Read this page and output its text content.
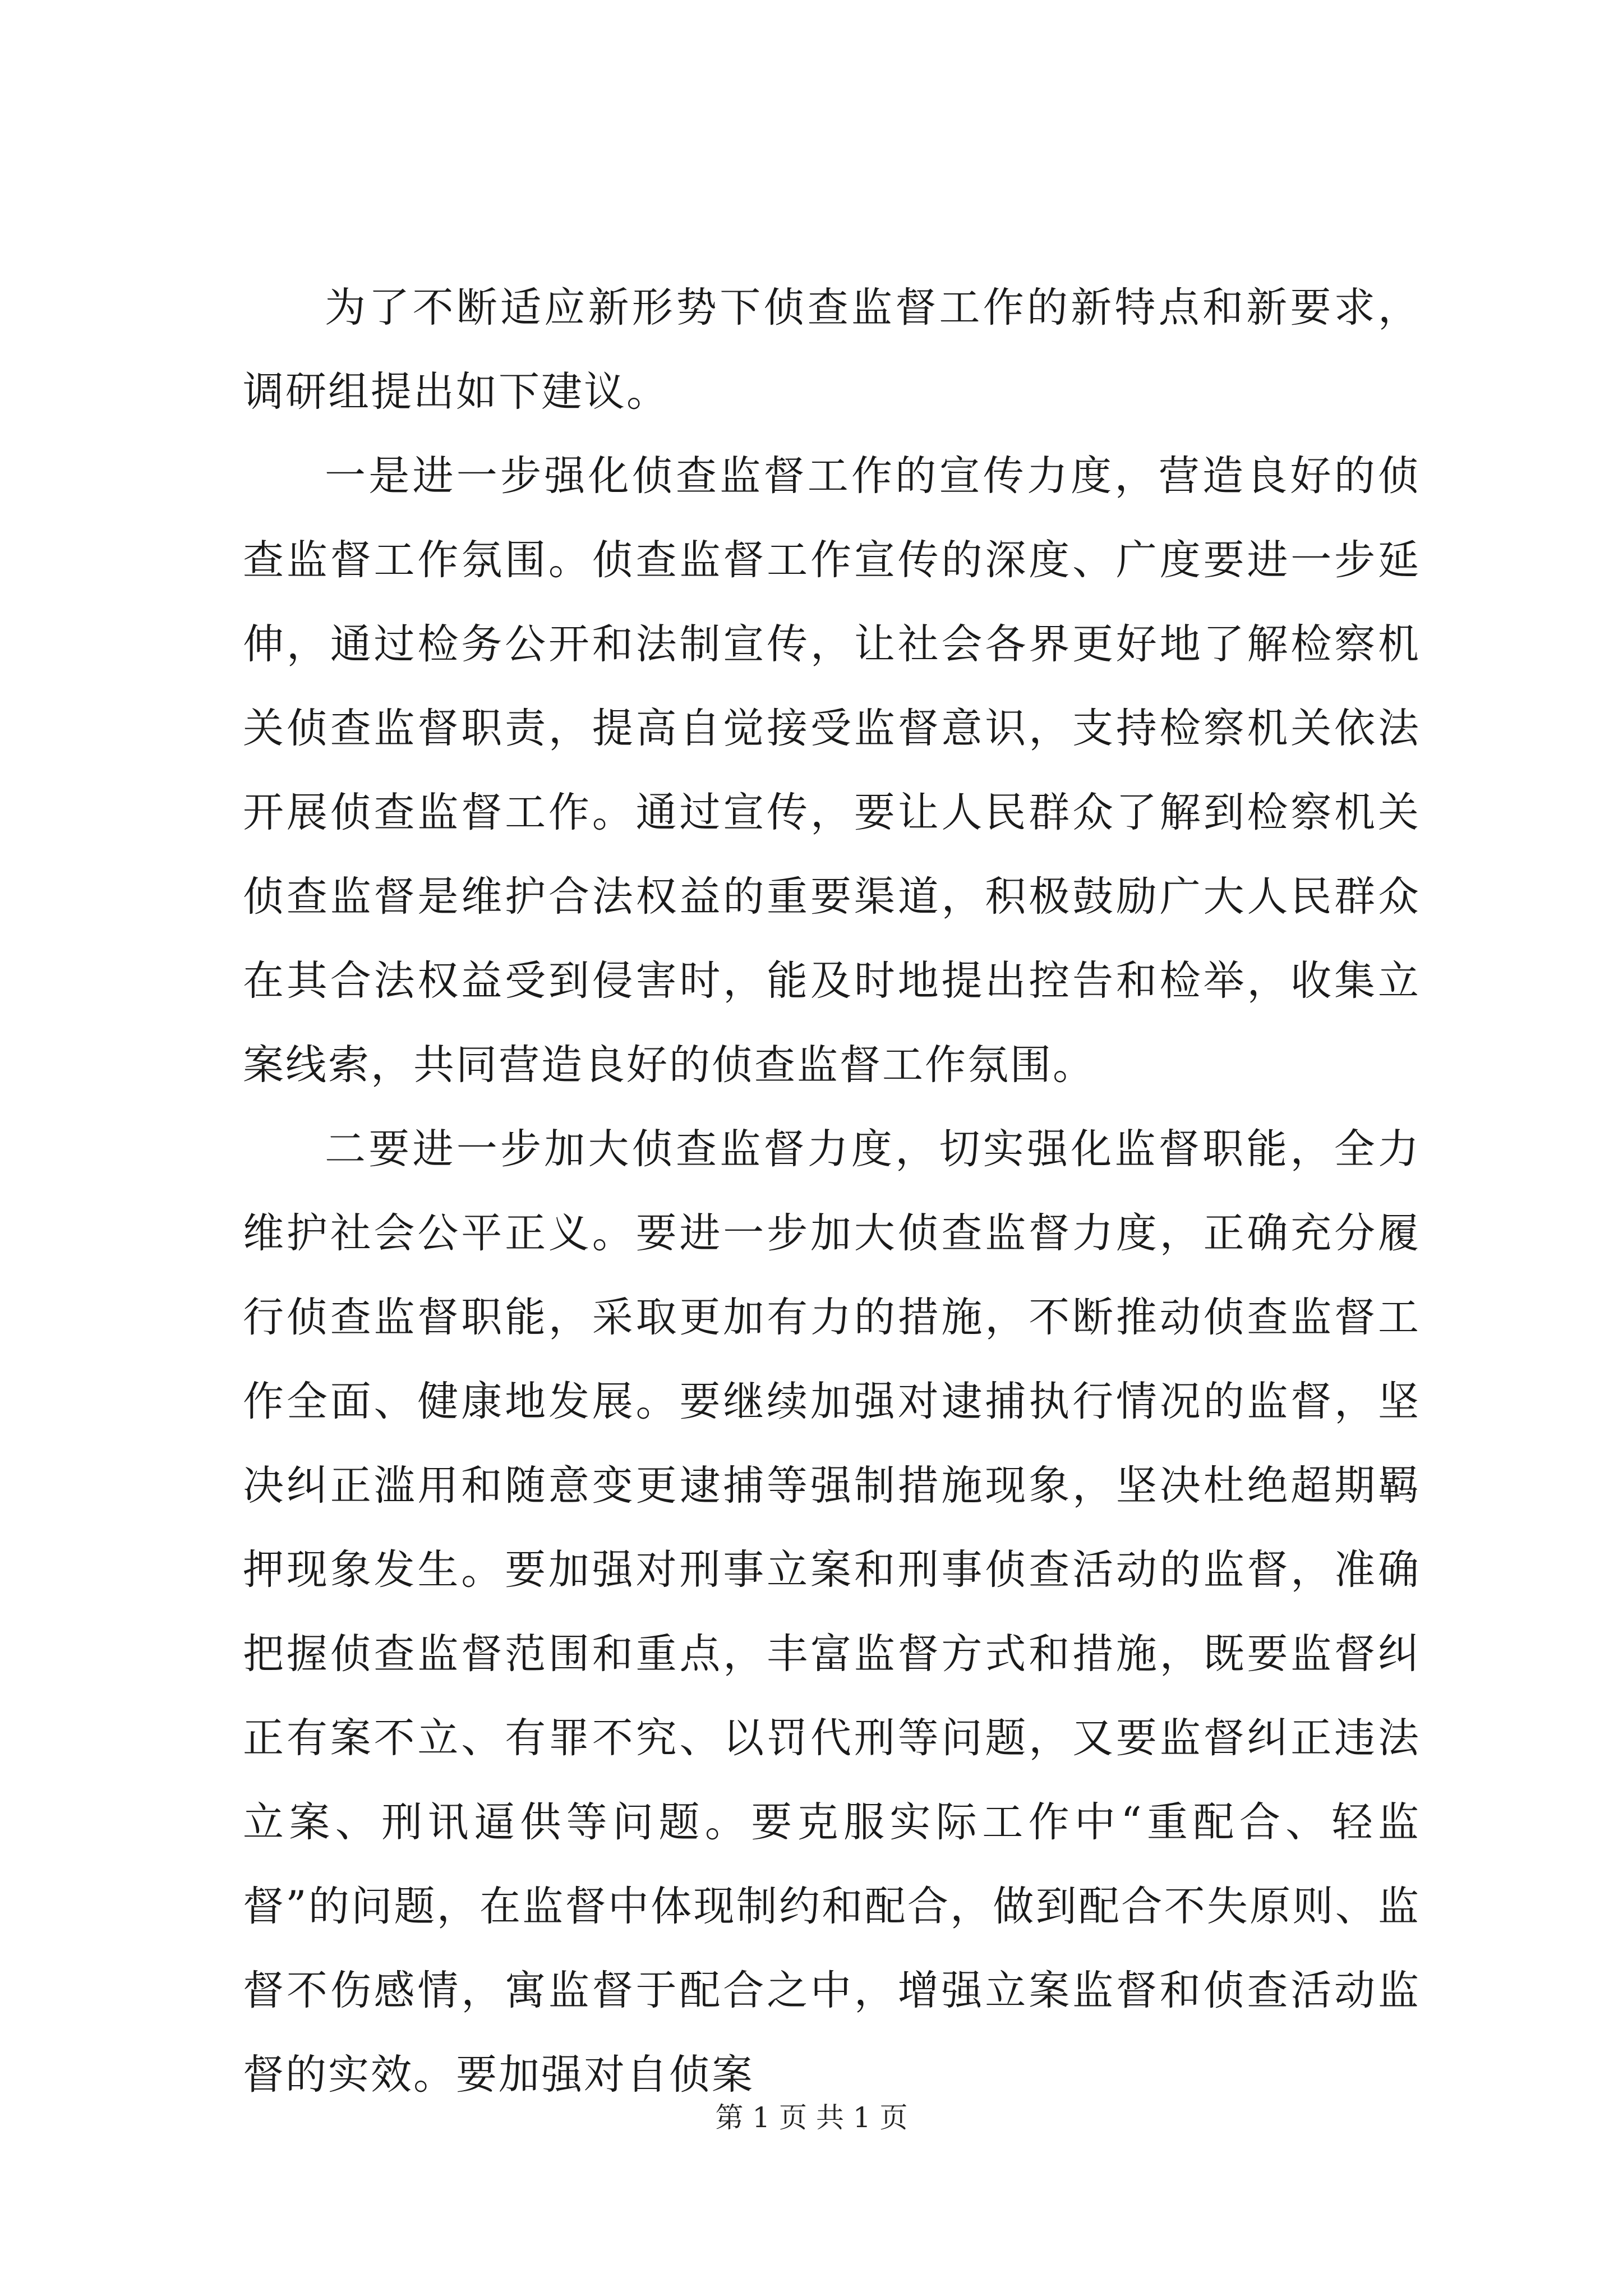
为了不断适应新形势下侦查监督工作的新特点和新要求，调研组提出如下建议。

一是进一步强化侦查监督工作的宣传力度，营造良好的侦查监督工作氛围。侦查监督工作宣传的深度、广度要进一步延伸，通过检务公开和法制宣传，让社会各界更好地了解检察机关侦查监督职责，提高自觉接受监督意识，支持检察机关依法开展侦查监督工作。通过宣传，要让人民群众了解到检察机关侦查监督是维护合法权益的重要渠道，积极鼓励广大人民群众在其合法权益受到侵害时，能及时地提出控告和检举，收集立案线索，共同营造良好的侦查监督工作氛围。

二要进一步加大侦查监督力度，切实强化监督职能，全力维护社会公平正义。要进一步加大侦查监督力度，正确充分履行侦查监督职能，采取更加有力的措施，不断推动侦查监督工作全面、健康地发展。要继续加强对逮捕执行情况的监督，坚决纠正滥用和随意变更逮捕等强制措施现象，坚决杜绝超期羁押现象发生。要加强对刑事立案和刑事侦查活动的监督，准确把握侦查监督范围和重点，丰富监督方式和措施，既要监督纠正有案不立、有罪不究、以罚代刑等问题，又要监督纠正违法立案、刑讯逼供等问题。要克服实际工作中“重配合、轻监督”的问题，在监督中体现制约和配合，做到配合不失原则、监督不伤感情，寓监督于配合之中，增强立案监督和侦查活动监督的实效。要加强对自侦案

第 1 页 共 1 页
